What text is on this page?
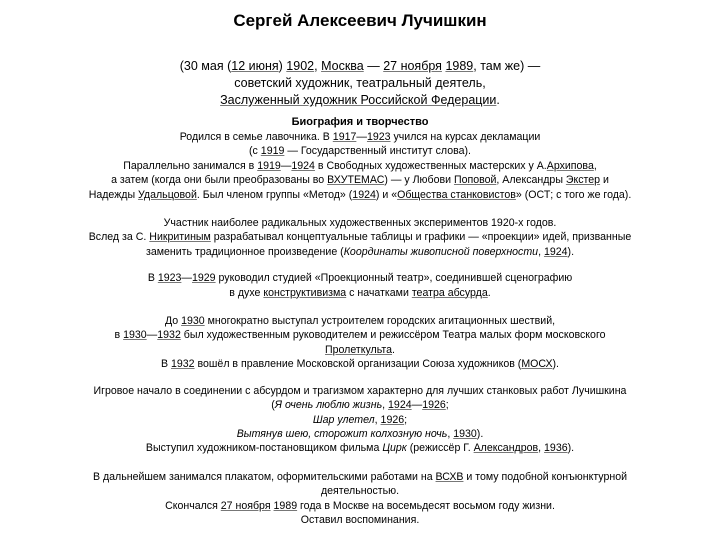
Сергей Алексеевич Лучишкин
(30 мая (12 июня) 1902, Москва — 27 ноября 1989, там же) —
советский художник, театральный деятель,
Заслуженный художник Российской Федерации.
Биография и творчество
Родился в семье лавочника. В 1917—1923 учился на курсах декламации
(с 1919 — Государственный институт слова).
Параллельно занимался в 1919—1924 в Свободных художественных мастерских у А.Архипова,
а затем (когда они были преобразованы во ВХУТЕМАС) — у Любови Поповой, Александры Экстер и
Надежды Удальцовой. Был членом группы «Метод» (1924) и «Общества станковистов» (ОСТ; с того же года).
Участник наиболее радикальных художественных экспериментов 1920-х годов.
Вслед за С. Никритиным разрабатывал концептуальные таблицы и графики — «проекции» идей, призванные
заменить традиционное произведение (Координаты живописной поверхности, 1924).
В 1923—1929 руководил студией «Проекционный театр», соединившей сценографию
в духе конструктивизма с начатками театра абсурда.
До 1930 многократно выступал устроителем городских агитационных шествий,
в 1930—1932 был художественным руководителем и режиссёром Театра малых форм московского
Пролеткульта.
В 1932 вошёл в правление Московской организации Союза художников (МОСХ).
Игровое начало в соединении с абсурдом и трагизмом характерно для лучших станковых работ Лучишкина
(Я очень люблю жизнь, 1924—1926;
Шар улетел, 1926;
Вытянув шею, сторожит колхозную ночь, 1930).
Выступил художником-постановщиком фильма Цирк (режиссёр Г. Александров, 1936).
В дальнейшем занимался плакатом, оформительскими работами на ВСХВ и тому подобной конъюнктурной
деятельностью.
Скончался 27 ноября 1989 года в Москве на восемьдесят восьмом году жизни.
Оставил воспоминания.
